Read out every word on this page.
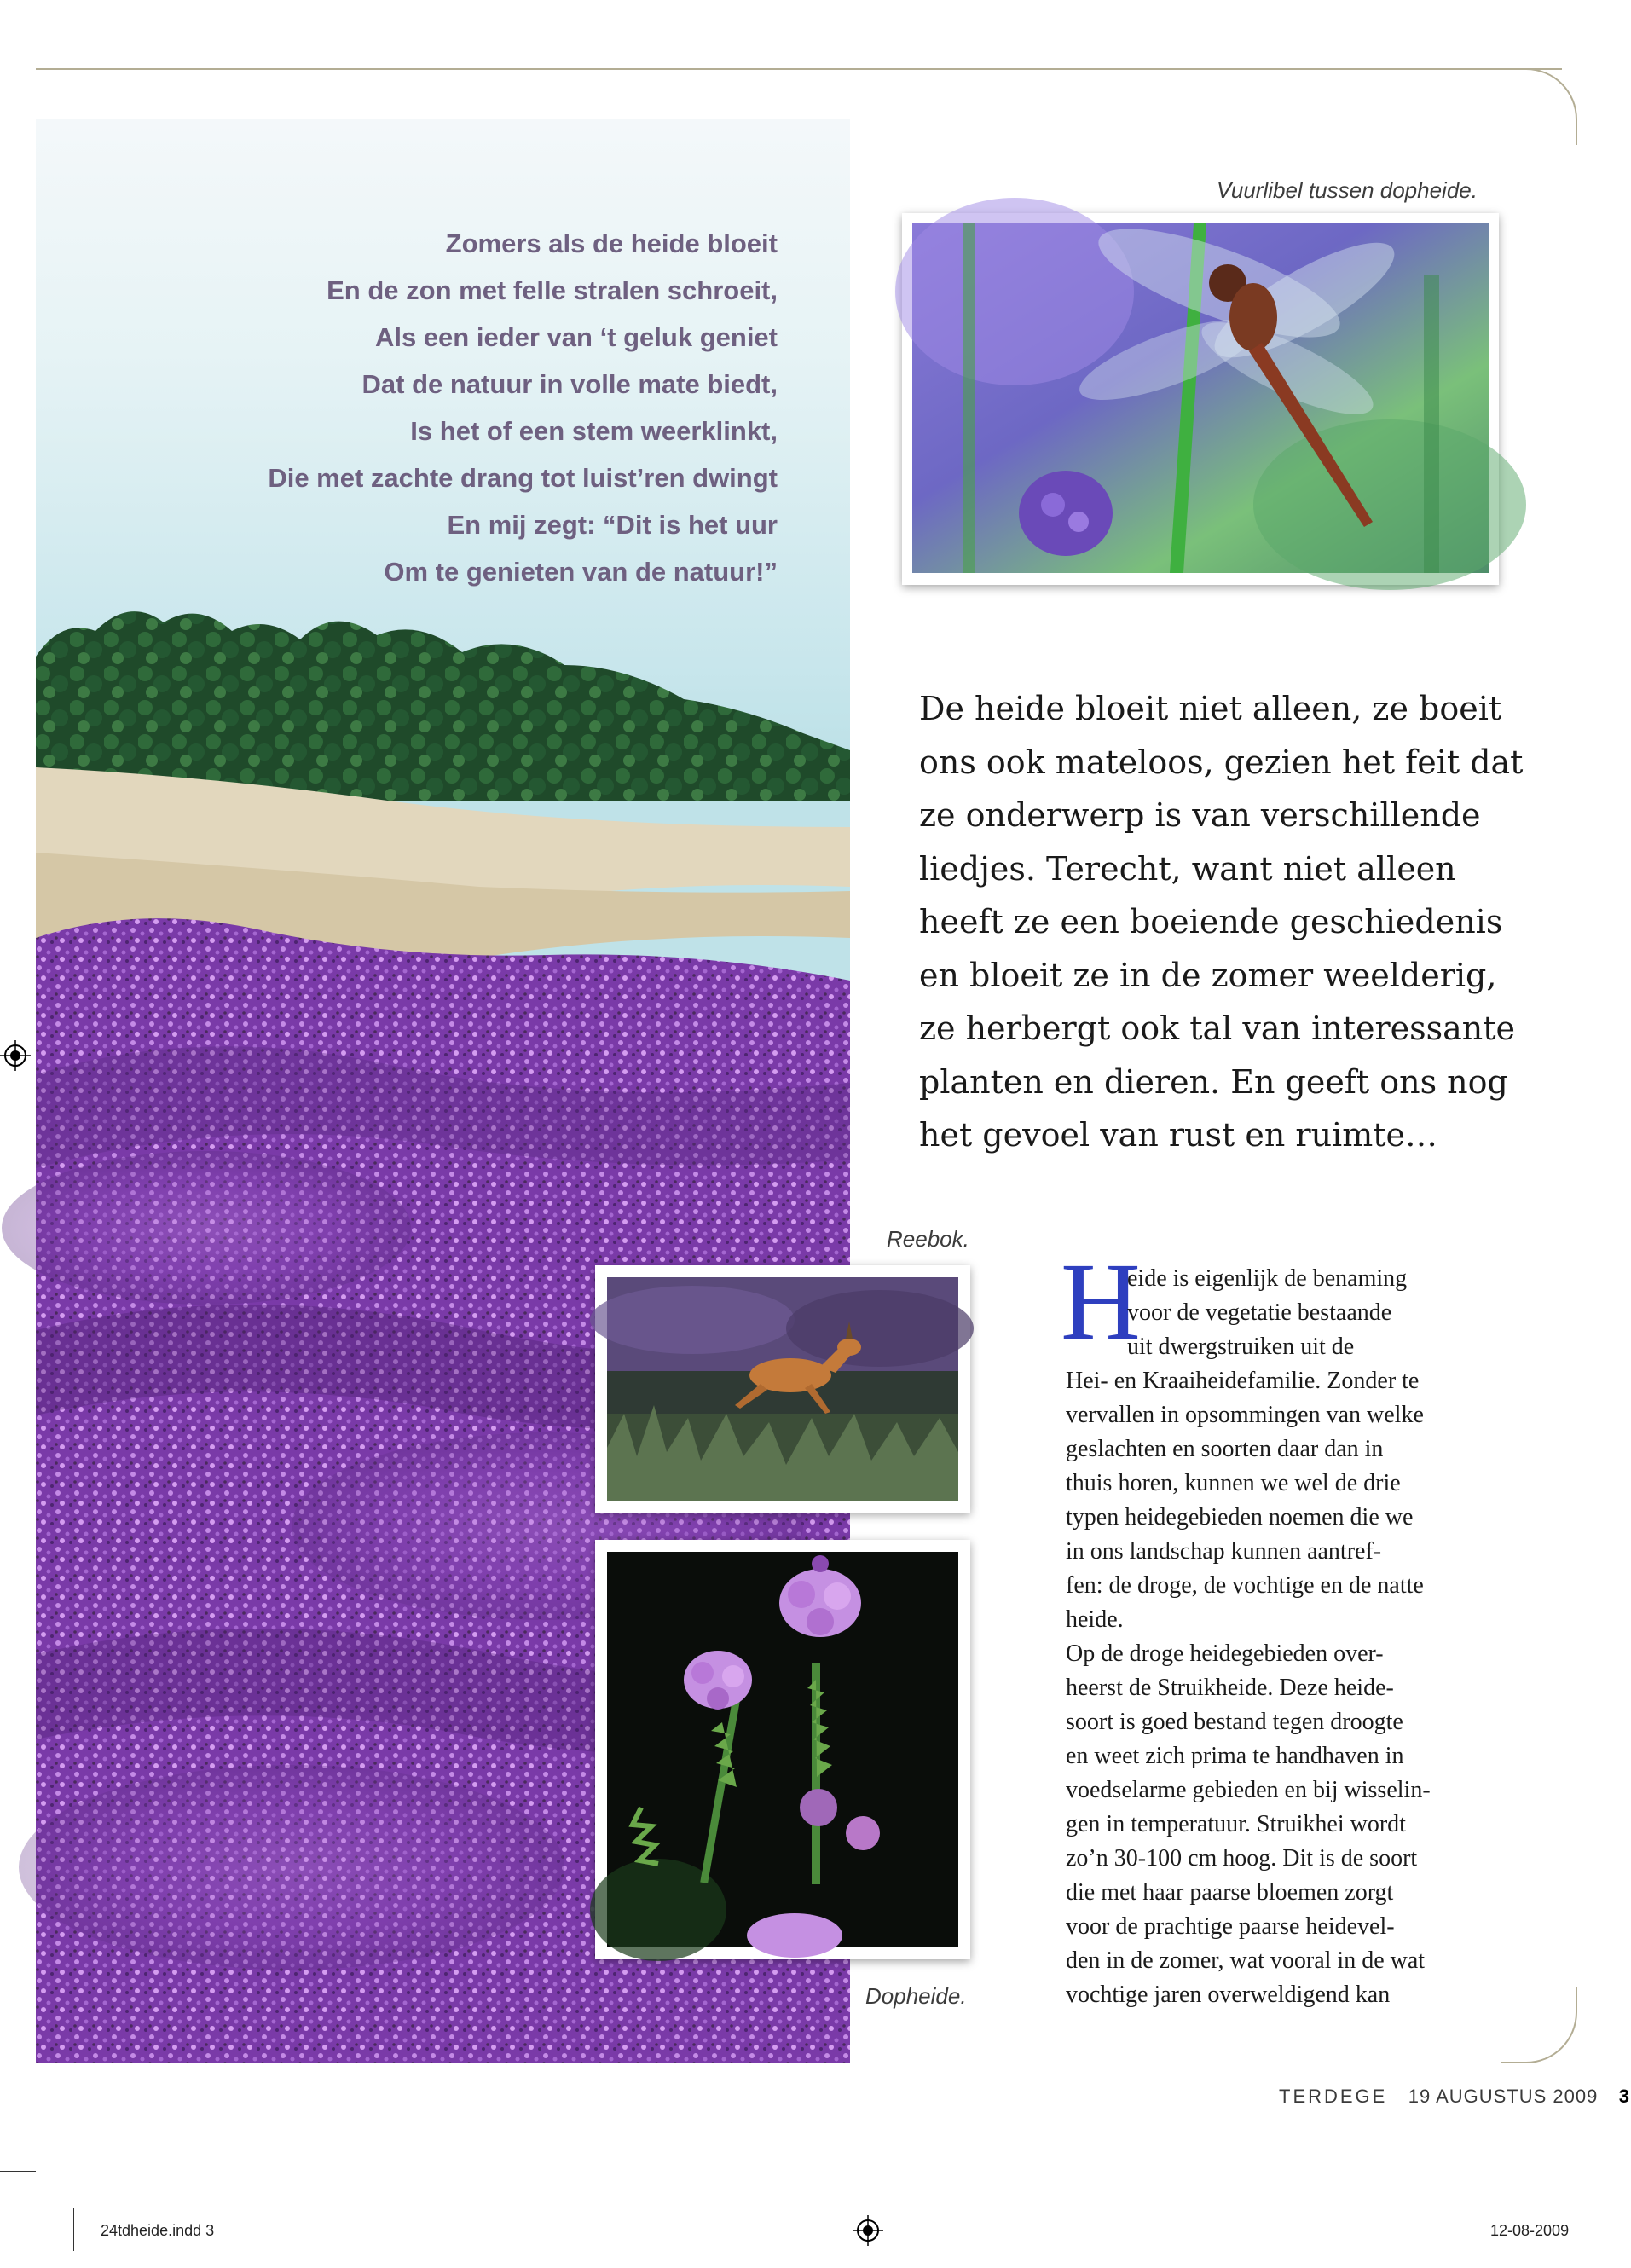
Zomers als de heide bloeit

En de zon met felle stralen schroeit,

Als een ieder van ‘t geluk geniet

Dat de natuur in volle mate biedt,

Is het of een stem weerklinkt,

Die met zachte drang tot luist’ren dwingt

En mij zegt: “Dit is het uur

Om te genieten van de natuur!”

Vuurlibel tussen dopheide.

De heide bloeit niet alleen, ze boeit

ons ook mateloos, gezien het feit dat

ze onderwerp is van verschillende

liedjes. Terecht, want niet alleen

heeft ze een boeiende geschiedenis

en bloeit ze in de zomer weelderig,

ze herbergt ook tal van interessante

planten en dieren. En geeft ons nog

het gevoel van rust en ruimte…

Reebok.
Dopheide.
H

eide is eigenlijk de benaming

voor de vegetatie bestaande

uit dwergstruiken uit de

Hei- en Kraaiheidefamilie. Zonder te

vervallen in opsommingen van welke

geslachten en soorten daar dan in

thuis horen, kunnen we wel de drie

typen heidegebieden noemen die we

in ons landschap kunnen aantref-

fen: de droge, de vochtige en de natte

heide.

Op de droge heidegebieden over-

heerst de Struikheide. Deze heide-

soort is goed bestand tegen droogte

en weet zich prima te handhaven in

voedselarme gebieden en bij wisselin-

gen in temperatuur. Struikhei wordt

zo’n 30-100 cm hoog. Dit is de soort

die met haar paarse bloemen zorgt

voor de prachtige paarse heidevel-

den in de zomer, wat vooral in de wat

vochtige jaren overweldigend kan

TERDEGE 19 AUGUSTUS 2009 3
24tdheide.indd 3	12-08-2009
